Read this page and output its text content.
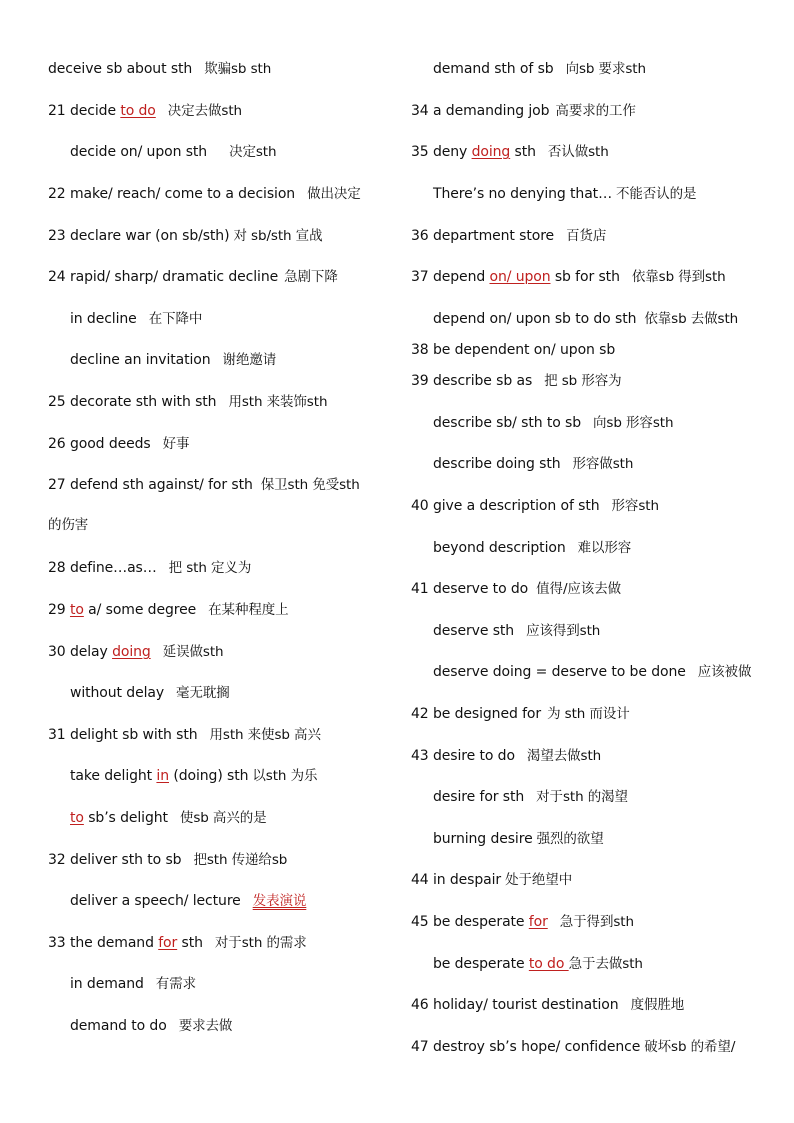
deceive sb about sth 欺骗sb sth
21 decide to do 决定去做sth
decide on/ upon sth 决定sth
22 make/ reach/ come to a decision 做出决定
23 declare war (on sb/sth) 对 sb/sth 宣战
24 rapid/ sharp/ dramatic decline 急剧下降
in decline 在下降中
decline an invitation 谢绝邀请
25 decorate sth with sth 用sth 来装饰sth
26 good deeds 好事
27 defend sth against/ for sth 保卫sth 免受sth
的伤害
28 define…as… 把 sth 定义为
29 to a/ some degree 在某种程度上
30 delay doing 延误做sth
without delay 毫无耽搁
31 delight sb with sth 用sth 来使sb 高兴
take delight in (doing) sth 以sth 为乐
to sb’s delight 使sb 高兴的是
32 deliver sth to sb 把sth 传递给sb
deliver a speech/ lecture 发表演说
33 the demand for sth 对于sth 的需求
in demand 有需求
demand to do 要求去做
demand sth of sb 向sb 要求sth
34 a demanding job 高要求的工作
35 deny doing sth 否认做sth
There’s no denying that… 不能否认的是
36 department store 百货店
37 depend on/ upon sb for sth 依靠sb 得到sth
depend on/ upon sb to do sth 依靠sb 去做sth
38 be dependent on/ upon sb
39 describe sb as 把 sb 形容为
describe sb/ sth to sb 向sb 形容sth
describe doing sth 形容做sth
40 give a description of sth 形容sth
beyond description 难以形容
41 deserve to do 值得/应该去做
deserve sth 应该得到sth
deserve doing = deserve to be done 应该被做
42 be designed for 为 sth 而设计
43 desire to do 渴望去做sth
desire for sth 对于sth 的渴望
burning desire 强烈的欲望
44 in despair 处于绝望中
45 be desperate for 急于得到sth
be desperate to do 急于去做sth
46 holiday/ tourist destination 度假胜地
47 destroy sb’s hope/ confidence 破坏sb 的希望/
